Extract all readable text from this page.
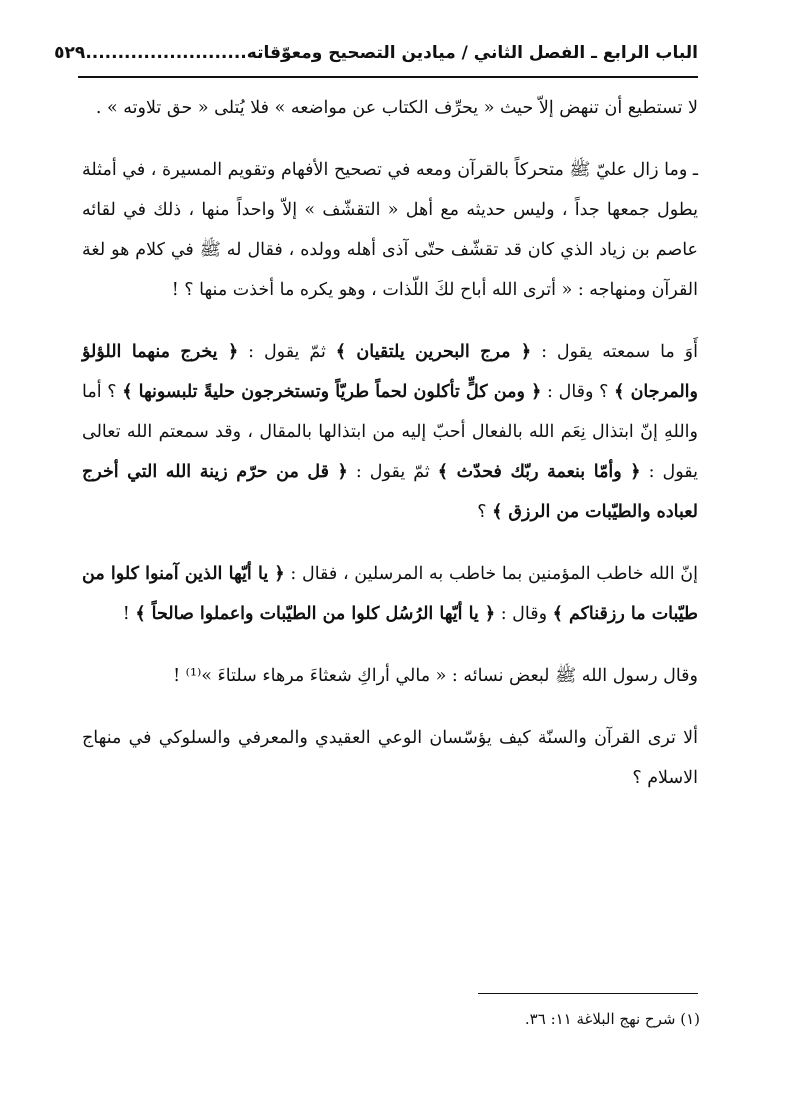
الباب الرابع ـ الفصل الثاني / ميادين التصحيح ومعوّقاته.........................
٥٢٩

لا تستطيع أن تنهض إلاّ حيث « يحرِّف الكتاب عن مواضعه » فلا يُتلى « حق تلاوته » .

ـ وما زال عليّ ﷺ متحركاً بالقرآن ومعه في تصحيح الأفهام وتقويم المسيرة ، في أمثلة يطول جمعها جداً ، وليس حديثه مع أهل « التقشّف » إلاّ واحداً منها ، ذلك في لقائه عاصم بن زياد الذي كان قد تقشّف حتّى آذى أهله وولده ، فقال له ﷺ في كلام هو لغة القرآن ومنهاجه : « أترى الله أباح لكَ اللّذات ، وهو يكره ما أخذت منها ؟ !

أَوَ ما سمعته يقول : ﴿ مرج البحرين يلتقيان ﴾ ثمّ يقول : ﴿ يخرج منهما اللؤلؤ والمرجان ﴾ ؟ وقال : ﴿ ومن كلٍّ تأكلون لحماً طريّاً وتستخرجون حليةً تلبسونها ﴾ ؟ أما واللهِ إنّ ابتذال نِعَم الله بالفعال أحبّ إليه من ابتذالها بالمقال ، وقد سمعتم الله تعالى يقول : ﴿ وأمّا بنعمة ربّك فحدّث ﴾ ثمّ يقول : ﴿ قل من حرّم زينة الله التي أخرج لعباده والطيّبات من الرزق ﴾ ؟

إنّ الله خاطب المؤمنين بما خاطب به المرسلين ، فقال : ﴿ يا أيّها الذين آمنوا كلوا من طيّبات ما رزقناكم ﴾ وقال : ﴿ يا أيّها الرُسُل كلوا من الطيّبات واعملوا صالحاً ﴾ !

وقال رسول الله ﷺ لبعض نسائه : « مالي أراكِ شعثاءَ مرهاء سلتاءَ »⁽¹⁾ !

ألا ترى القرآن والسنّة كيف يؤسّسان الوعي العقيدي والمعرفي والسلوكي في منهاج الاسلام ؟

(١) شرح نهج البلاغة ١١: ٣٦.
